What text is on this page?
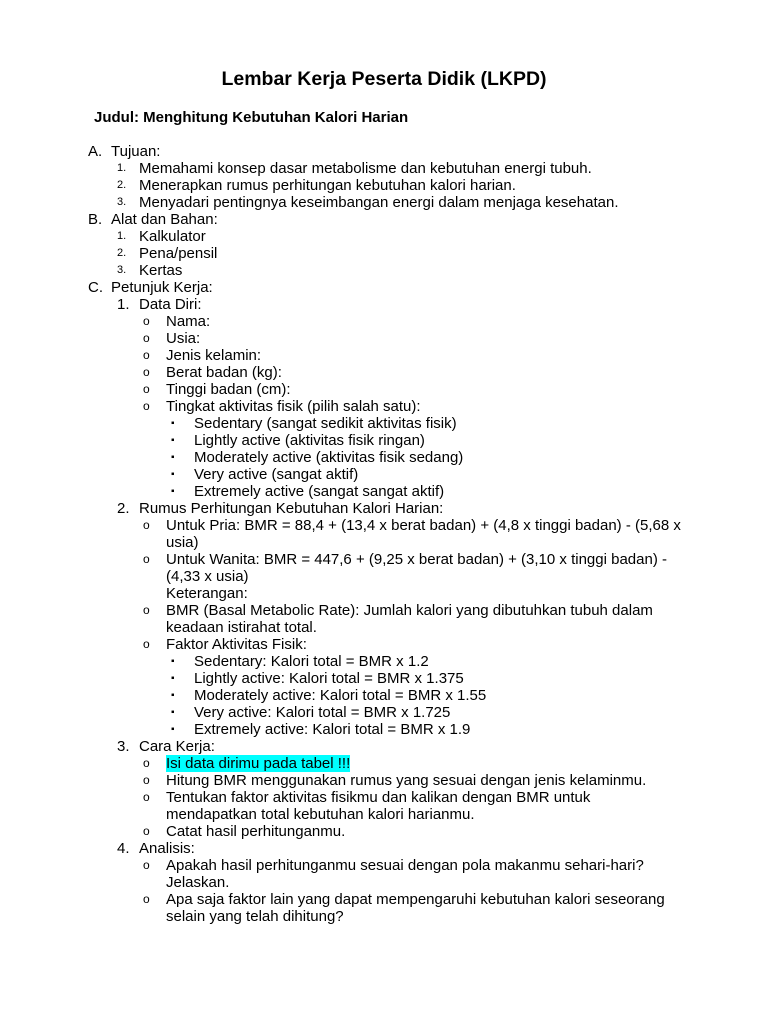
Lembar Kerja Peserta Didik (LKPD)
Judul: Menghitung Kebutuhan Kalori Harian
A. Tujuan:
1. Memahami konsep dasar metabolisme dan kebutuhan energi tubuh.
2. Menerapkan rumus perhitungan kebutuhan kalori harian.
3. Menyadari pentingnya keseimbangan energi dalam menjaga kesehatan.
B. Alat dan Bahan:
1. Kalkulator
2. Pena/pensil
3. Kertas
C. Petunjuk Kerja:
1. Data Diri:
o Nama:
o Usia:
o Jenis kelamin:
o Berat badan (kg):
o Tinggi badan (cm):
o Tingkat aktivitas fisik (pilih salah satu):
▪ Sedentary (sangat sedikit aktivitas fisik)
▪ Lightly active (aktivitas fisik ringan)
▪ Moderately active (aktivitas fisik sedang)
▪ Very active (sangat aktif)
▪ Extremely active (sangat sangat aktif)
2. Rumus Perhitungan Kebutuhan Kalori Harian:
o Untuk Pria: BMR = 88,4 + (13,4 x berat badan) + (4,8 x tinggi badan) - (5,68 x usia)
o Untuk Wanita: BMR = 447,6 + (9,25 x berat badan) + (3,10 x tinggi badan) - (4,33 x usia)
Keterangan:
o BMR (Basal Metabolic Rate): Jumlah kalori yang dibutuhkan tubuh dalam keadaan istirahat total.
o Faktor Aktivitas Fisik:
▪ Sedentary: Kalori total = BMR x 1.2
▪ Lightly active: Kalori total = BMR x 1.375
▪ Moderately active: Kalori total = BMR x 1.55
▪ Very active: Kalori total = BMR x 1.725
▪ Extremely active: Kalori total = BMR x 1.9
3. Cara Kerja:
o Isi data dirimu pada tabel !!!
o Hitung BMR menggunakan rumus yang sesuai dengan jenis kelaminmu.
o Tentukan faktor aktivitas fisikmu dan kalikan dengan BMR untuk mendapatkan total kebutuhan kalori harianmu.
o Catat hasil perhitunganmu.
4. Analisis:
o Apakah hasil perhitunganmu sesuai dengan pola makanmu sehari-hari? Jelaskan.
o Apa saja faktor lain yang dapat mempengaruhi kebutuhan kalori seseorang selain yang telah dihitung?
